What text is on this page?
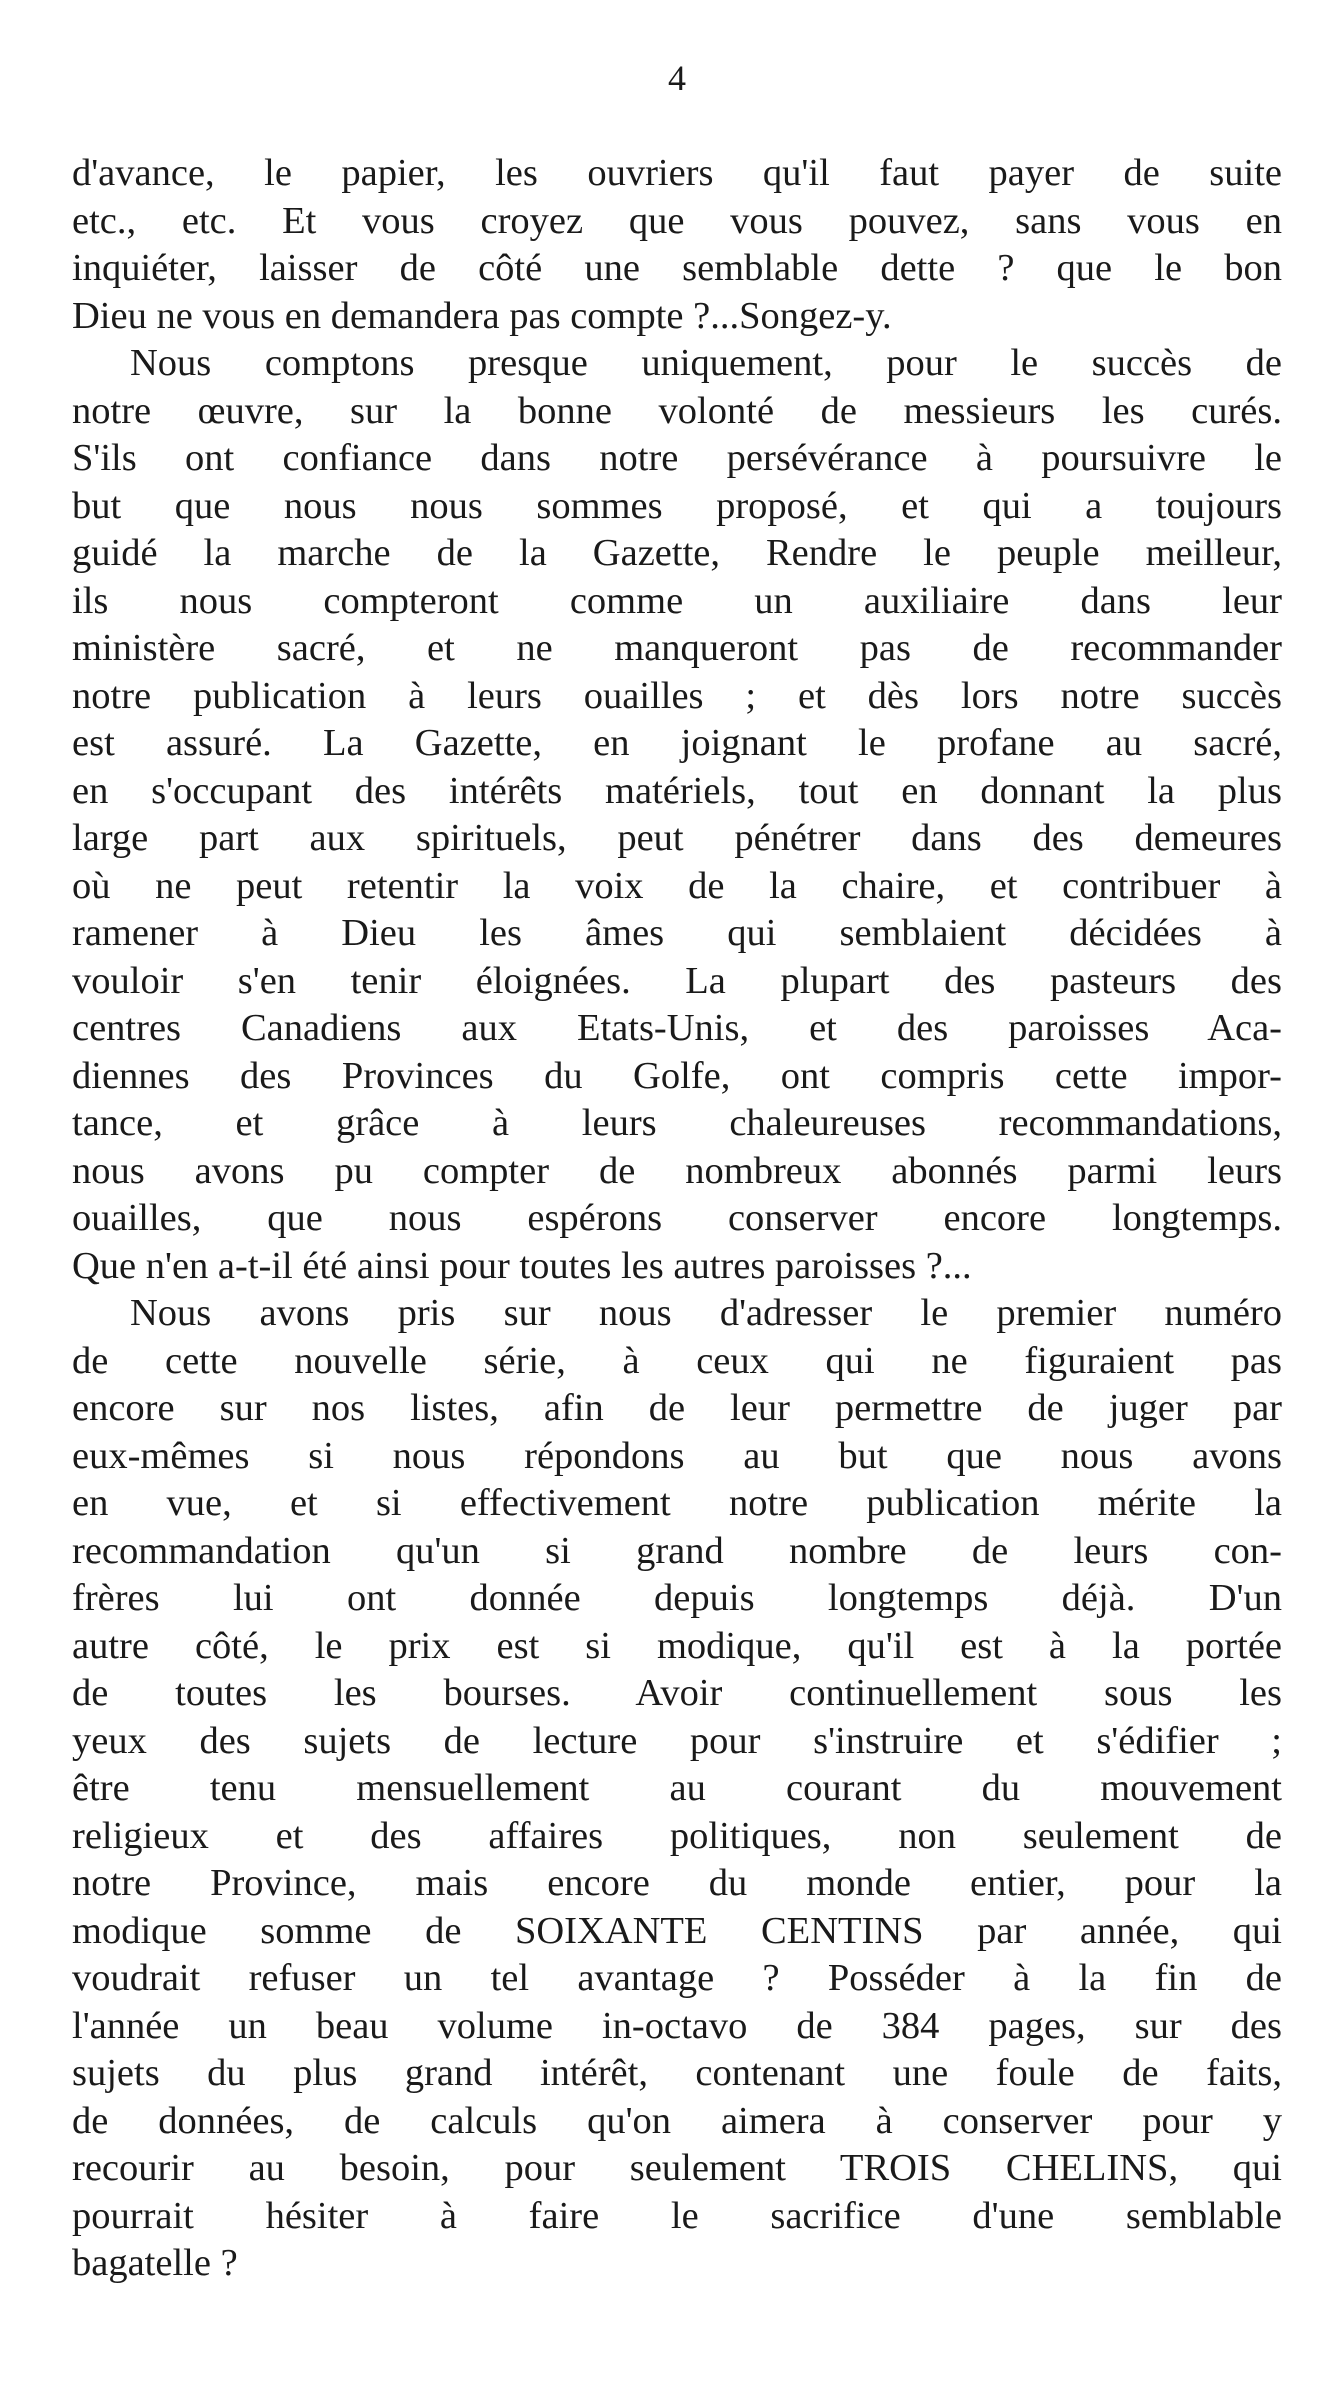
4
d'avance, le papier, les ouvriers qu'il faut payer de suite
etc., etc. Et vous croyez que vous pouvez, sans vous en
inquiéter, laisser de côté une semblable dette ? que le bon
Dieu ne vous en demandera pas compte ?...Songez-y.
Nous comptons presque uniquement, pour le succès de
notre œuvre, sur la bonne volonté de messieurs les curés.
S'ils ont confiance dans notre persévérance à poursuivre le
but que nous nous sommes proposé, et qui a toujours
guidé la marche de la Gazette, Rendre le peuple meilleur,
ils nous compteront comme un auxiliaire dans leur
ministère sacré, et ne manqueront pas de recommander
notre publication à leurs ouailles ; et dès lors notre succès
est assuré. La Gazette, en joignant le profane au sacré,
en s'occupant des intérêts matériels, tout en donnant la plus
large part aux spirituels, peut pénétrer dans des demeures
où ne peut retentir la voix de la chaire, et contribuer à
ramener à Dieu les âmes qui semblaient décidées à
vouloir s'en tenir éloignées. La plupart des pasteurs des
centres Canadiens aux Etats-Unis, et des paroisses Aca-
diennes des Provinces du Golfe, ont compris cette impor-
tance, et grâce à leurs chaleureuses recommandations,
nous avons pu compter de nombreux abonnés parmi leurs
ouailles, que nous espérons conserver encore longtemps.
Que n'en a-t-il été ainsi pour toutes les autres paroisses ?...
Nous avons pris sur nous d'adresser le premier numéro
de cette nouvelle série, à ceux qui ne figuraient pas
encore sur nos listes, afin de leur permettre de juger par
eux-mêmes si nous répondons au but que nous avons
en vue, et si effectivement notre publication mérite la
recommandation qu'un si grand nombre de leurs con-
frères lui ont donnée depuis longtemps déjà. D'un
autre côté, le prix est si modique, qu'il est à la portée
de toutes les bourses. Avoir continuellement sous les
yeux des sujets de lecture pour s'instruire et s'édifier ;
être tenu mensuellement au courant du mouvement
religieux et des affaires politiques, non seulement de
notre Province, mais encore du monde entier, pour la
modique somme de SOIXANTE CENTINS par année, qui
voudrait refuser un tel avantage ? Posséder à la fin de
l'année un beau volume in-octavo de 384 pages, sur des
sujets du plus grand intérêt, contenant une foule de faits,
de données, de calculs qu'on aimera à conserver pour y
recourir au besoin, pour seulement TROIS CHELINS, qui
pourrait hésiter à faire le sacrifice d'une semblable
bagatelle ?
